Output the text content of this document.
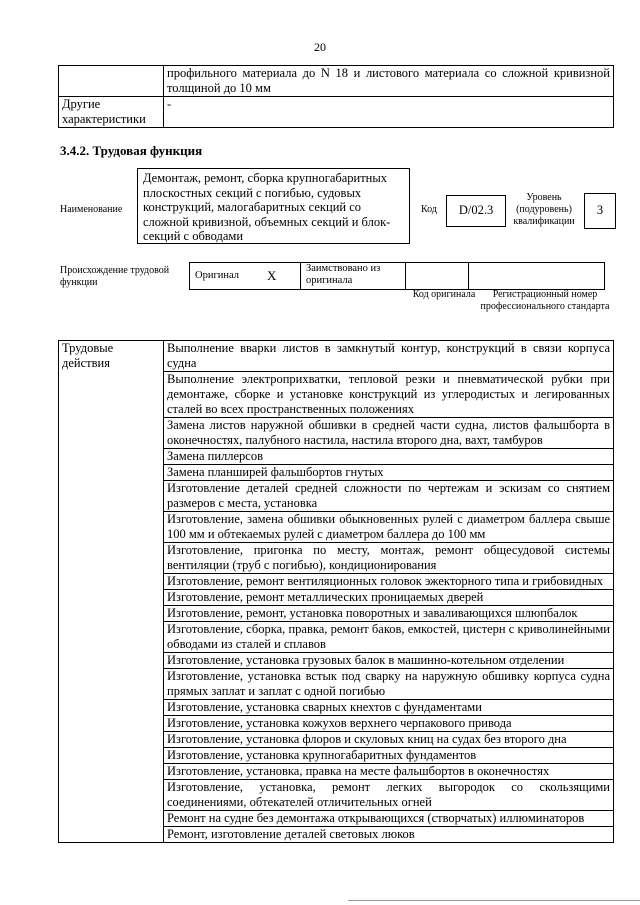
20
	профильного материала до N 18 и листового материала со сложной кривизной толщиной до 10 мм
Другие характеристики	-
3.4.2. Трудовая функция
Наименование
Демонтаж, ремонт, сборка крупногабаритных плоскостных секций с погибью, судовых конструкций, малогабаритных секций со сложной кривизной, объемных секций и блок-секций с обводами
Код	D/02.3
Уровень (подуровень) квалификации
3
Происхождение трудовой функции
Оригинал	X	Заимствовано из оригинала		
Код оригинала	Регистрационный номер профессионального стандарта
Трудовые действия	Выполнение вварки листов в замкнутый контур, конструкций в связи корпуса судна
Выполнение электроприхватки, тепловой резки и пневматической рубки при демонтаже, сборке и установке конструкций из углеродистых и легированных сталей во всех пространственных положениях
Замена листов наружной обшивки в средней части судна, листов фальшборта в оконечностях, палубного настила, настила второго дна, вахт, тамбуров
Замена пиллерсов
Замена планширей фальшбортов гнутых
Изготовление деталей средней сложности по чертежам и эскизам со снятием размеров с места, установка
Изготовление, замена обшивки обыкновенных рулей с диаметром баллера свыше 100 мм и обтекаемых рулей с диаметром баллера до 100 мм
Изготовление, пригонка по месту, монтаж, ремонт общесудовой системы вентиляции (труб с погибью), кондиционирования
Изготовление, ремонт вентиляционных головок эжекторного типа и грибовидных
Изготовление, ремонт металлических проницаемых дверей
Изготовление, ремонт, установка поворотных и заваливающихся шлюпбалок
Изготовление, сборка, правка, ремонт баков, емкостей, цистерн с криволинейными обводами из сталей и сплавов
Изготовление, установка грузовых балок в машинно-котельном отделении
Изготовление, установка встык под сварку на наружную обшивку корпуса судна прямых заплат и заплат с одной погибью
Изготовление, установка сварных кнехтов с фундаментами
Изготовление, установка кожухов верхнего черпакового привода
Изготовление, установка флоров и скуловых книц на судах без второго дна
Изготовление, установка крупногабаритных фундаментов
Изготовление, установка, правка на месте фальшбортов в оконечностях
Изготовление, установка, ремонт легких выгородок со скользящими соединениями, обтекателей отличительных огней
Ремонт на судне без демонтажа открывающихся (створчатых) иллюминаторов
Ремонт, изготовление деталей световых люков
